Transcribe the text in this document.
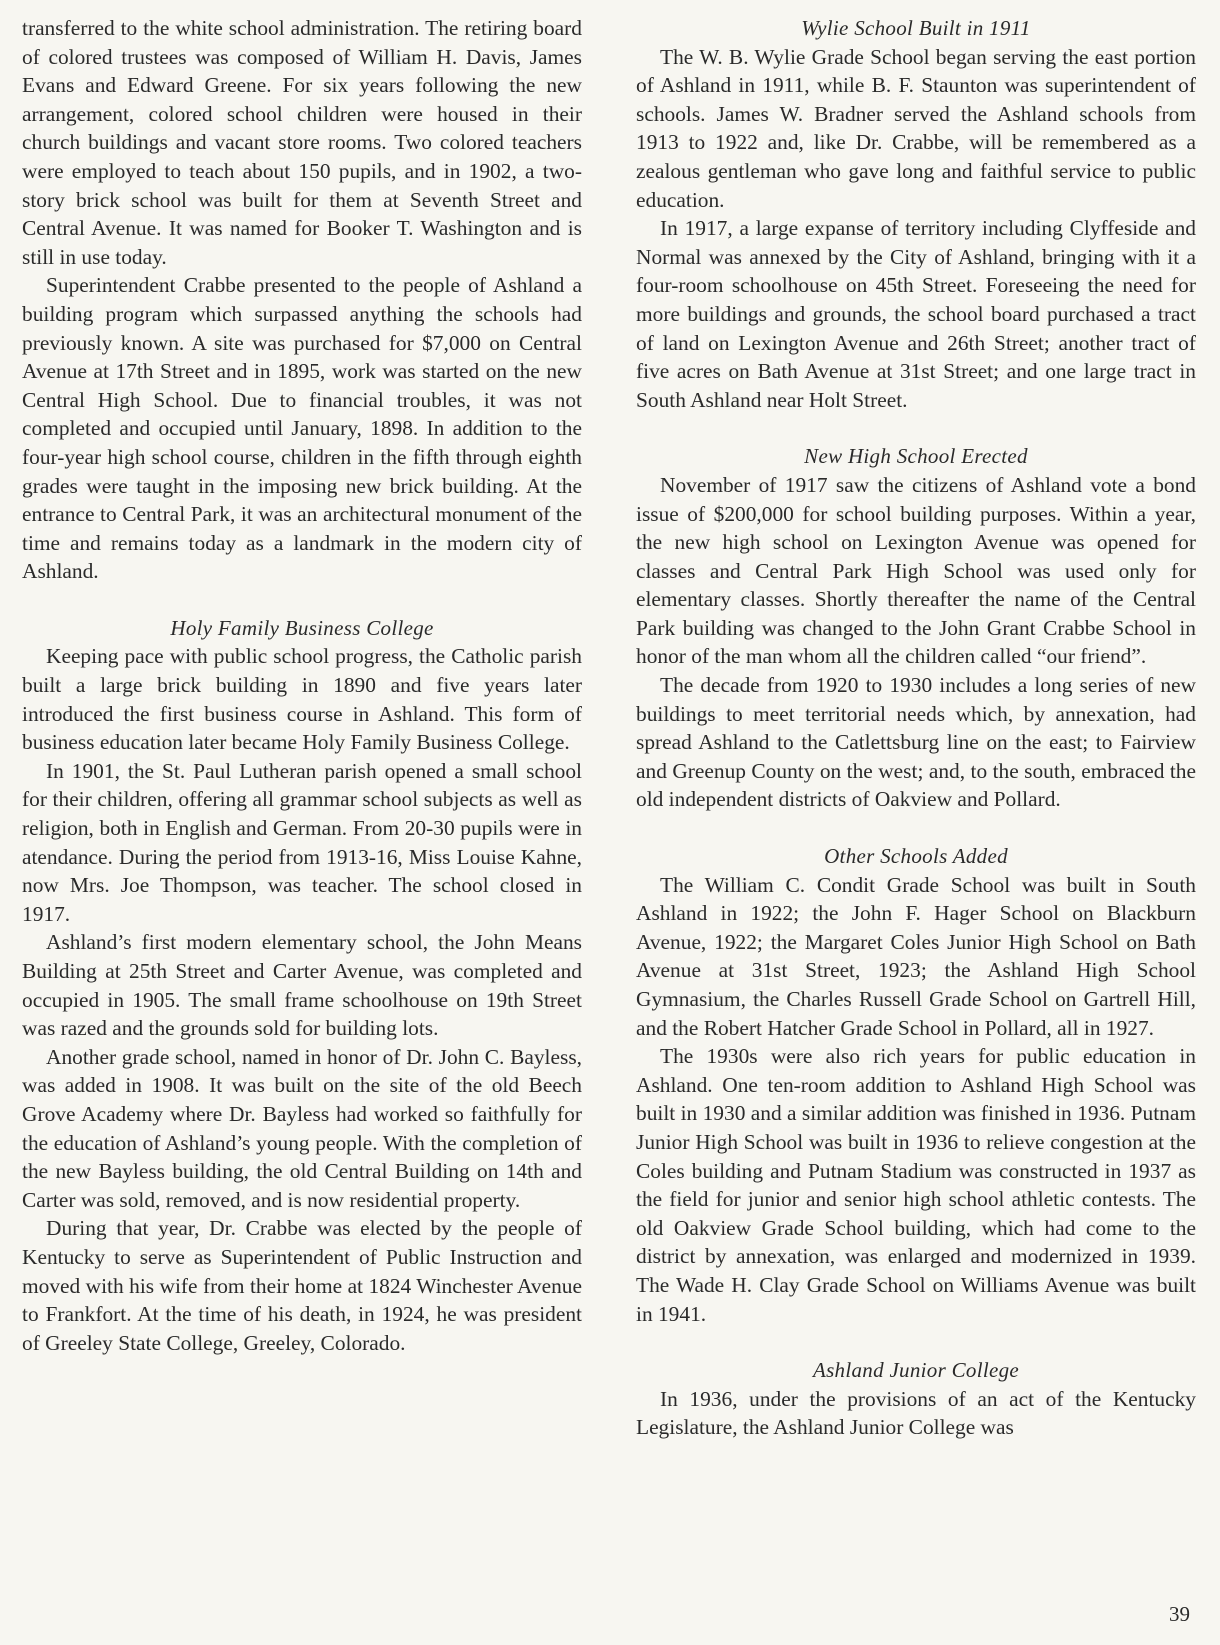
transferred to the white school administration. The retiring board of colored trustees was composed of William H. Davis, James Evans and Edward Greene. For six years following the new arrangement, colored school children were housed in their church buildings and vacant store rooms. Two colored teachers were employed to teach about 150 pupils, and in 1902, a two-story brick school was built for them at Seventh Street and Central Avenue. It was named for Booker T. Washington and is still in use today.

Superintendent Crabbe presented to the people of Ashland a building program which surpassed anything the schools had previously known. A site was purchased for $7,000 on Central Avenue at 17th Street and in 1895, work was started on the new Central High School. Due to financial troubles, it was not completed and occupied until January, 1898. In addition to the four-year high school course, children in the fifth through eighth grades were taught in the imposing new brick building. At the entrance to Central Park, it was an architectural monument of the time and remains today as a landmark in the modern city of Ashland.

Holy Family Business College

Keeping pace with public school progress, the Catholic parish built a large brick building in 1890 and five years later introduced the first business course in Ashland. This form of business education later became Holy Family Business College.

In 1901, the St. Paul Lutheran parish opened a small school for their children, offering all grammar school subjects as well as religion, both in English and German. From 20-30 pupils were in atendance. During the period from 1913-16, Miss Louise Kahne, now Mrs. Joe Thompson, was teacher. The school closed in 1917.

Ashland’s first modern elementary school, the John Means Building at 25th Street and Carter Avenue, was completed and occupied in 1905. The small frame schoolhouse on 19th Street was razed and the grounds sold for building lots.

Another grade school, named in honor of Dr. John C. Bayless, was added in 1908. It was built on the site of the old Beech Grove Academy where Dr. Bayless had worked so faithfully for the education of Ashland’s young people. With the completion of the new Bayless building, the old Central Building on 14th and Carter was sold, removed, and is now residential property.

During that year, Dr. Crabbe was elected by the people of Kentucky to serve as Superintendent of Public Instruction and moved with his wife from their home at 1824 Winchester Avenue to Frankfort. At the time of his death, in 1924, he was president of Greeley State College, Greeley, Colorado.

Wylie School Built in 1911

The W. B. Wylie Grade School began serving the east portion of Ashland in 1911, while B. F. Staunton was superintendent of schools. James W. Bradner served the Ashland schools from 1913 to 1922 and, like Dr. Crabbe, will be remembered as a zealous gentleman who gave long and faithful service to public education.

In 1917, a large expanse of territory including Clyffeside and Normal was annexed by the City of Ashland, bringing with it a four-room schoolhouse on 45th Street. Foreseeing the need for more buildings and grounds, the school board purchased a tract of land on Lexington Avenue and 26th Street; another tract of five acres on Bath Avenue at 31st Street; and one large tract in South Ashland near Holt Street.

New High School Erected

November of 1917 saw the citizens of Ashland vote a bond issue of $200,000 for school building purposes. Within a year, the new high school on Lexington Avenue was opened for classes and Central Park High School was used only for elementary classes. Shortly thereafter the name of the Central Park building was changed to the John Grant Crabbe School in honor of the man whom all the children called “our friend”.

The decade from 1920 to 1930 includes a long series of new buildings to meet territorial needs which, by annexation, had spread Ashland to the Catlettsburg line on the east; to Fairview and Greenup County on the west; and, to the south, embraced the old independent districts of Oakview and Pollard.

Other Schools Added

The William C. Condit Grade School was built in South Ashland in 1922; the John F. Hager School on Blackburn Avenue, 1922; the Margaret Coles Junior High School on Bath Avenue at 31st Street, 1923; the Ashland High School Gymnasium, the Charles Russell Grade School on Gartrell Hill, and the Robert Hatcher Grade School in Pollard, all in 1927.

The 1930s were also rich years for public education in Ashland. One ten-room addition to Ashland High School was built in 1930 and a similar addition was finished in 1936. Putnam Junior High School was built in 1936 to relieve congestion at the Coles building and Putnam Stadium was constructed in 1937 as the field for junior and senior high school athletic contests. The old Oakview Grade School building, which had come to the district by annexation, was enlarged and modernized in 1939. The Wade H. Clay Grade School on Williams Avenue was built in 1941.

Ashland Junior College

In 1936, under the provisions of an act of the Kentucky Legislature, the Ashland Junior College was

39
